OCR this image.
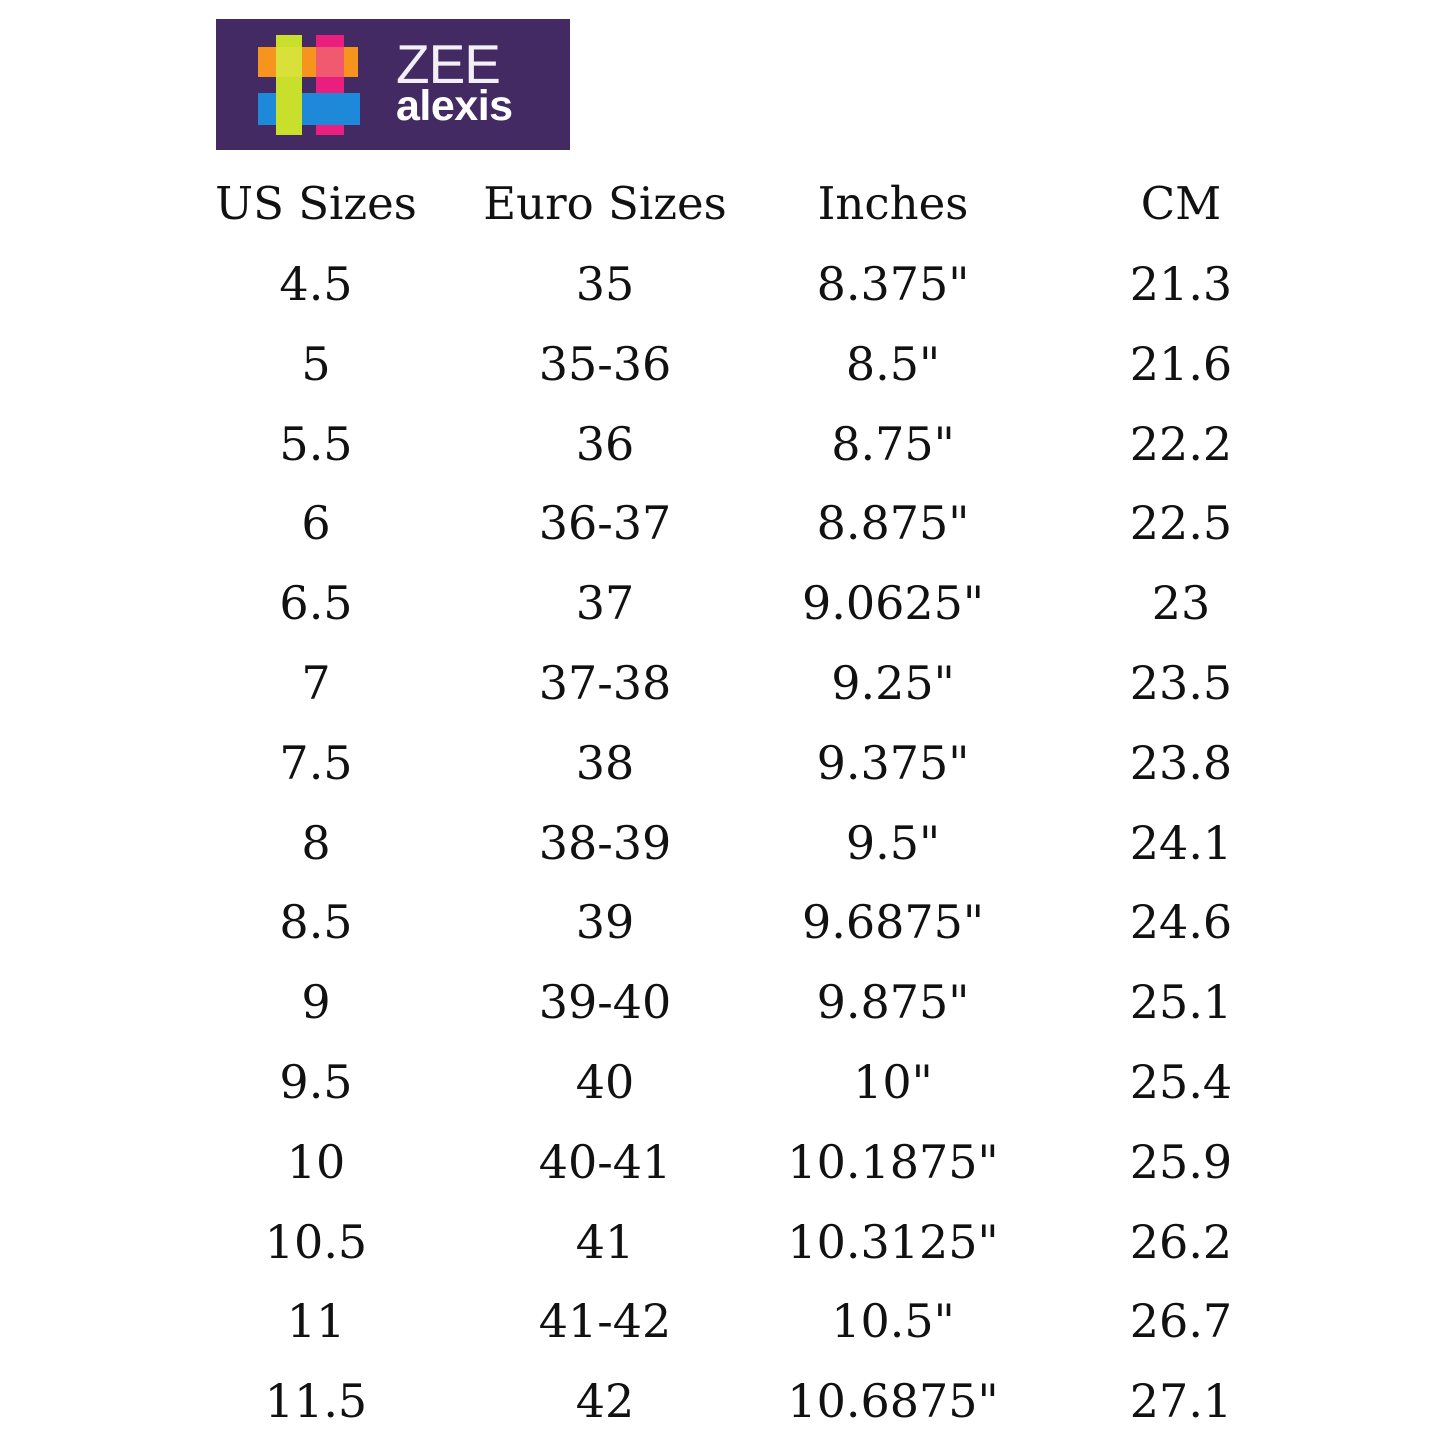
ZEE
alexis
US Sizes	Euro Sizes	Inches	CM
4.5	35	8.375"	21.3
5	35-36	8.5"	21.6
5.5	36	8.75"	22.2
6	36-37	8.875"	22.5
6.5	37	9.0625"	23
7	37-38	9.25"	23.5
7.5	38	9.375"	23.8
8	38-39	9.5"	24.1
8.5	39	9.6875"	24.6
9	39-40	9.875"	25.1
9.5	40	10"	25.4
10	40-41	10.1875"	25.9
10.5	41	10.3125"	26.2
11	41-42	10.5"	26.7
11.5	42	10.6875"	27.1
